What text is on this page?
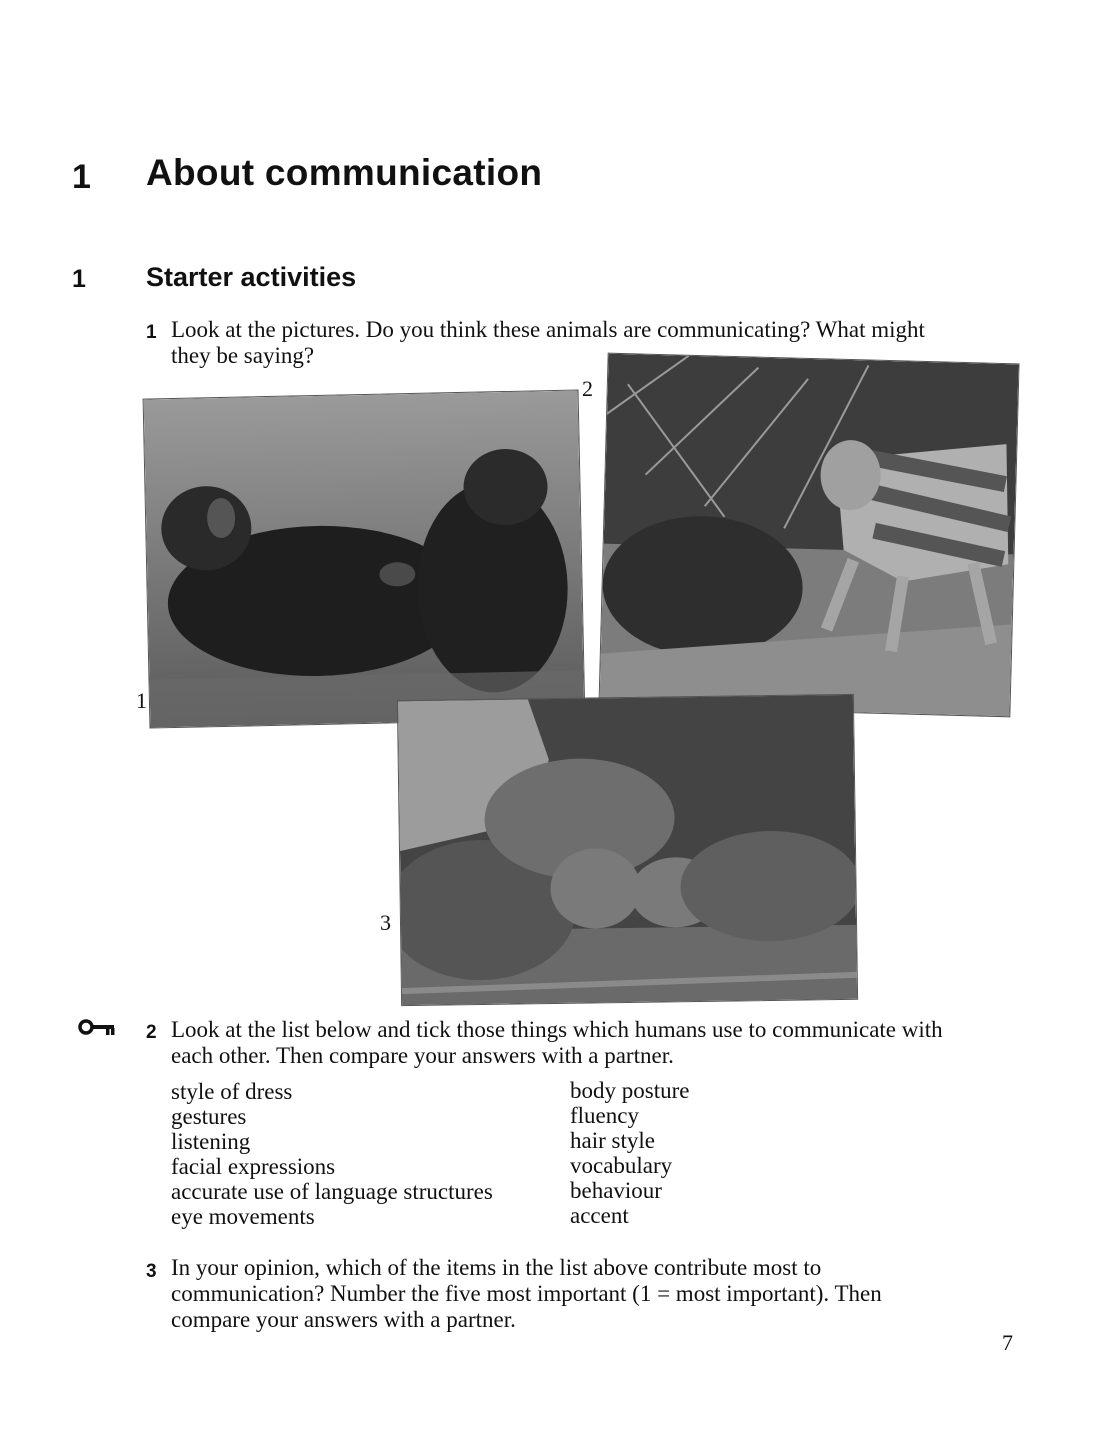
1 About communication
1 Starter activities
1 Look at the pictures. Do you think these animals are communicating? What might they be saying?
1
2
3
2 Look at the list below and tick those things which humans use to communicate with each other. Then compare your answers with a partner.
style of dress
gestures
listening
facial expressions
accurate use of language structures
eye movements
body posture
fluency
hair style
vocabulary
behaviour
accent
3 In your opinion, which of the items in the list above contribute most to communication? Number the five most important (1 = most important). Then compare your answers with a partner.
7
